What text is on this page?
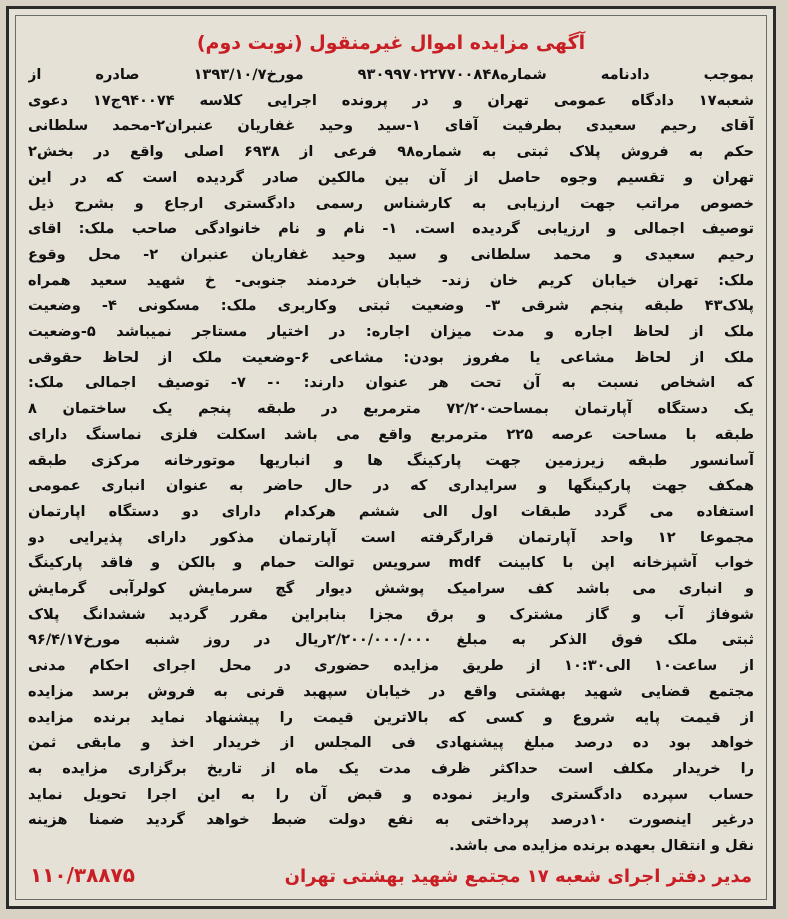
آگهی مزایده اموال غیرمنقول (نوبت دوم)
بموجب دادنامه شماره۹۳۰۹۹۷۰۲۲۷۷۰۰۸۴۸ مورخ۱۳۹۳/۱۰/۷ صادره از
شعبه۱۷ دادگاه عمومی تهران و در پرونده اجرایی کلاسه ۹۴۰۰۷۴ج۱۷ دعوی
آقای رحیم سعیدی بطرفیت آقای ۱-سید وحید غفاریان عنبران۲-محمد سلطانی
حکم به فروش پلاک ثبتی به شماره۹۸ فرعی از ۶۹۳۸ اصلی واقع در بخش۲
تهران و تقسیم وجوه حاصل از آن بین مالکین صادر گردیده است که در این
خصوص مراتب جهت ارزیابی به کارشناس رسمی دادگستری ارجاع و بشرح ذیل
توصیف اجمالی و ارزیابی گردیده است. ۱- نام و نام خانوادگی صاحب ملک: اقای
رحیم سعیدی و محمد سلطانی و سید وحید غفاریان عنبران ۲- محل وقوع
ملک: تهران خیابان کریم خان زند- خیابان خردمند جنوبی- خ شهید سعید همراه
پلاک۴۳ طبقه پنجم شرقی ۳- وضعیت ثبتی وکاربری ملک: مسکونی ۴- وضعیت
ملک از لحاظ اجاره و مدت میزان اجاره: در اختیار مستاجر نمیباشد ۵-وضعیت
ملک از لحاظ مشاعی یا مفروز بودن: مشاعی ۶-وضعیت ملک از لحاظ حقوقی
که اشخاص نسبت به آن تحت هر عنوان دارند: ۰- ۷- توصیف اجمالی ملک:
یک دستگاه آپارتمان بمساحت۷۲/۲۰ مترمربع در طبقه پنجم یک ساختمان ۸
طبقه با مساحت عرصه ۲۲۵ مترمربع واقع می باشد اسکلت فلزی نماسنگ دارای
آسانسور طبقه زیرزمین جهت پارکینگ ها و انباریها موتورخانه مرکزی طبقه
همکف جهت پارکینگها و سرایداری که در حال حاضر به عنوان انباری عمومی
استفاده می گردد طبقات اول الی ششم هرکدام دارای دو دستگاه اپارتمان
مجموعا ۱۲ واحد آپارتمان قرارگرفته است آپارتمان مذکور دارای پذیرایی دو
خواب آشپزخانه اپن با کابینت mdf سرویس توالت حمام و بالکن و فاقد پارکینگ
و انباری می باشد کف سرامیک پوشش دیوار گچ سرمایش کولرآبی گرمایش
شوفاژ آب و گاز مشترک و برق مجزا بنابراین مقرر گردید ششدانگ پلاک
ثبتی ملک فوق الذکر به مبلغ ۲/۲۰۰/۰۰۰/۰۰۰ریال در روز شنبه مورخ۹۶/۴/۱۷
از ساعت۱۰ الی۱۰:۳۰ از طریق مزایده حضوری در محل اجرای احکام مدنی
مجتمع قضایی شهید بهشتی واقع در خیابان سپهبد قرنی به فروش برسد مزایده
از قیمت پایه شروع و کسی که بالاترین قیمت را پیشنهاد نماید برنده مزایده
خواهد بود ده درصد مبلغ پیشنهادی فی المجلس از خریدار اخذ و مابقی ثمن
را خریدار مکلف است حداکثر ظرف مدت یک ماه از تاریخ برگزاری مزایده به
حساب سپرده دادگستری واریز نموده و قبض آن را به این اجرا تحویل نماید
درغیر اینصورت ۱۰درصد پرداختی به نفع دولت ضبط خواهد گردید ضمنا هزینه
نقل و انتقال بعهده برنده مزایده می باشد.
مدیر دفتر اجرای شعبه ۱۷ مجتمع شهید بهشتی تهران
۱۱۰/۳۸۸۷۵
